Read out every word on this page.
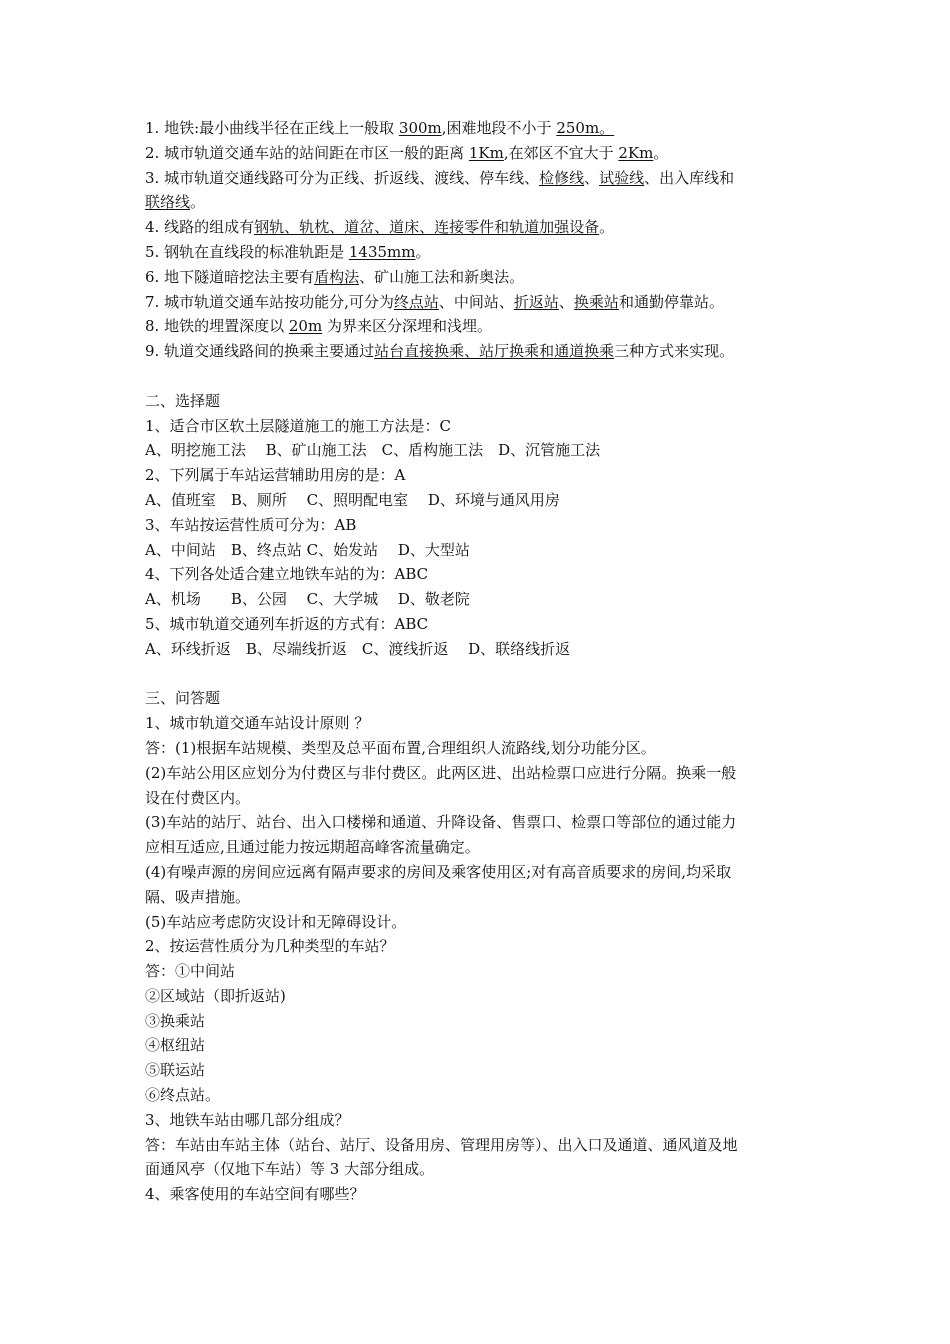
1. 地铁:最小曲线半径在正线上一般取 300m,困难地段不小于 250m。
2. 城市轨道交通车站的站间距在市区一般的距离 1Km,在郊区不宜大于 2Km。
3. 城市轨道交通线路可分为正线、折返线、渡线、停车线、检修线、试验线、出入库线和
联络线。
4. 线路的组成有钢轨、轨枕、道岔、道床、连接零件和轨道加强设备。
5. 钢轨在直线段的标准轨距是 1435mm。
6. 地下隧道暗挖法主要有盾构法、矿山施工法和新奥法。
7. 城市轨道交通车站按功能分,可分为终点站、中间站、折返站、换乘站和通勤停靠站。
8. 地铁的埋置深度以 20m 为界来区分深埋和浅埋。
9. 轨道交通线路间的换乘主要通过站台直接换乘、站厅换乘和通道换乘三种方式来实现。
二、选择题
1、适合市区软土层隧道施工的施工方法是：C
A、明挖施工法　 B、矿山施工法　C、盾构施工法　D、沉管施工法
2、下列属于车站运营辅助用房的是：A
A、值班室　B、厕所　 C、照明配电室　 D、环境与通风用房
3、车站按运营性质可分为：AB
A、中间站　B、终点站 C、始发站　 D、大型站
4、下列各处适合建立地铁车站的为：ABC
A、机场　　B、公园　 C、大学城　 D、敬老院
5、城市轨道交通列车折返的方式有：ABC
A、环线折返　B、尽端线折返　C、渡线折返　 D、联络线折返
三、问答题
1、城市轨道交通车站设计原则 ？
答：(1)根据车站规模、类型及总平面布置,合理组织人流路线,划分功能分区。
(2)车站公用区应划分为付费区与非付费区。此两区进、出站检票口应进行分隔。换乘一般
设在付费区内。
(3)车站的站厅、站台、出入口楼梯和通道、升降设备、售票口、检票口等部位的通过能力
应相互适应,且通过能力按远期超高峰客流量确定。
(4)有噪声源的房间应远离有隔声要求的房间及乘客使用区;对有高音质要求的房间,均采取
隔、吸声措施。
(5)车站应考虑防灾设计和无障碍设计。
2、按运营性质分为几种类型的车站？
答：①中间站
②区域站（即折返站)
③换乘站
④枢纽站
⑤联运站
⑥终点站。
3、地铁车站由哪几部分组成？
答：车站由车站主体（站台、站厅、设备用房、管理用房等）、出入口及通道、通风道及地
面通风亭（仅地下车站）等 3 大部分组成。
4、乘客使用的车站空间有哪些？
